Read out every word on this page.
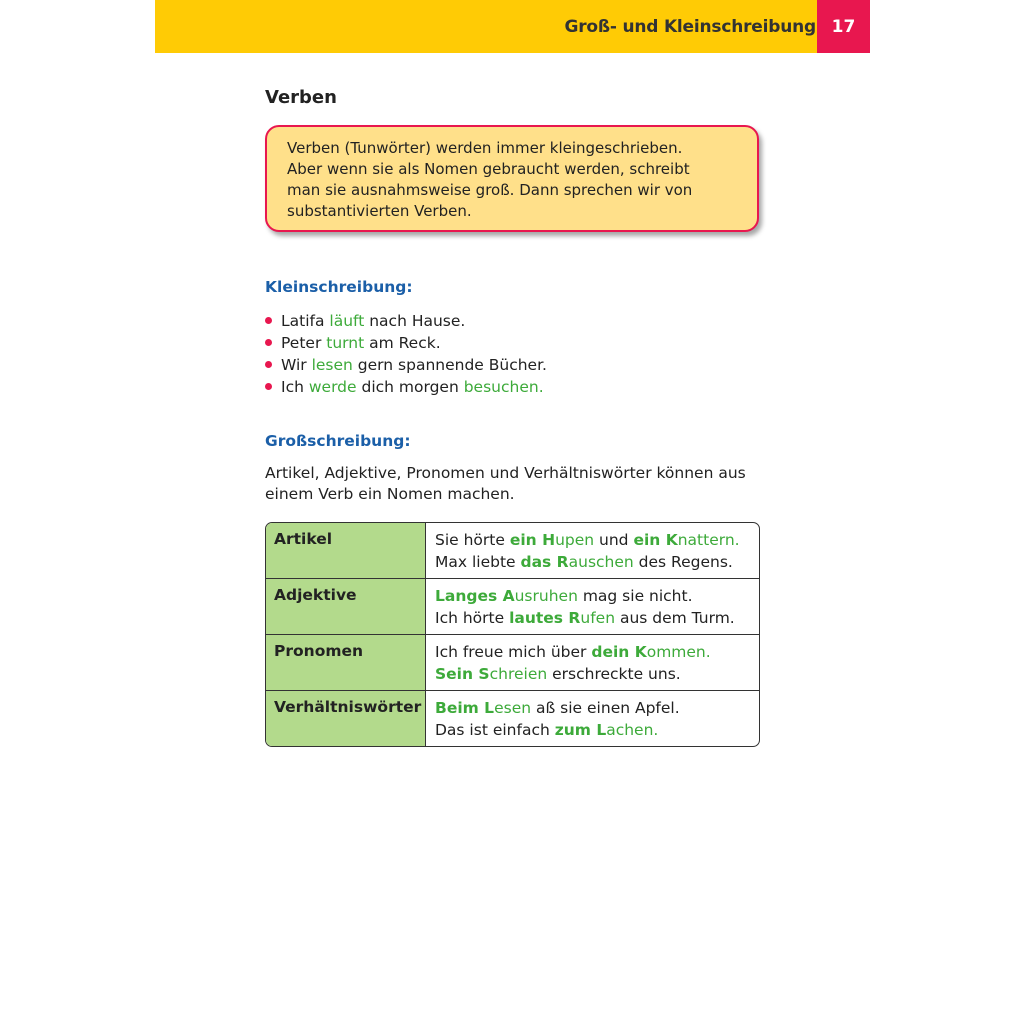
Groß- und Kleinschreibung 17
Verben
Verben (Tunwörter) werden immer kleingeschrieben.
Aber wenn sie als Nomen gebraucht werden, schreibt
man sie ausnahmsweise groß. Dann sprechen wir von
substantivierten Verben.
Kleinschreibung:
Latifa läuft nach Hause.
Peter turnt am Reck.
Wir lesen gern spannende Bücher.
Ich werde dich morgen besuchen.
Großschreibung:
Artikel, Adjektive, Pronomen und Verhältniswörter können aus
einem Verb ein Nomen machen.
Artikel	Sie hörte ein Hupen und ein Knattern.
Max liebte das Rauschen des Regens.
Adjektive	Langes Ausruhen mag sie nicht.
Ich hörte lautes Rufen aus dem Turm.
Pronomen	Ich freue mich über dein Kommen.
Sein Schreien erschreckte uns.
Verhältniswörter Beim Lesen aß sie einen Apfel.
Das ist einfach zum Lachen.
